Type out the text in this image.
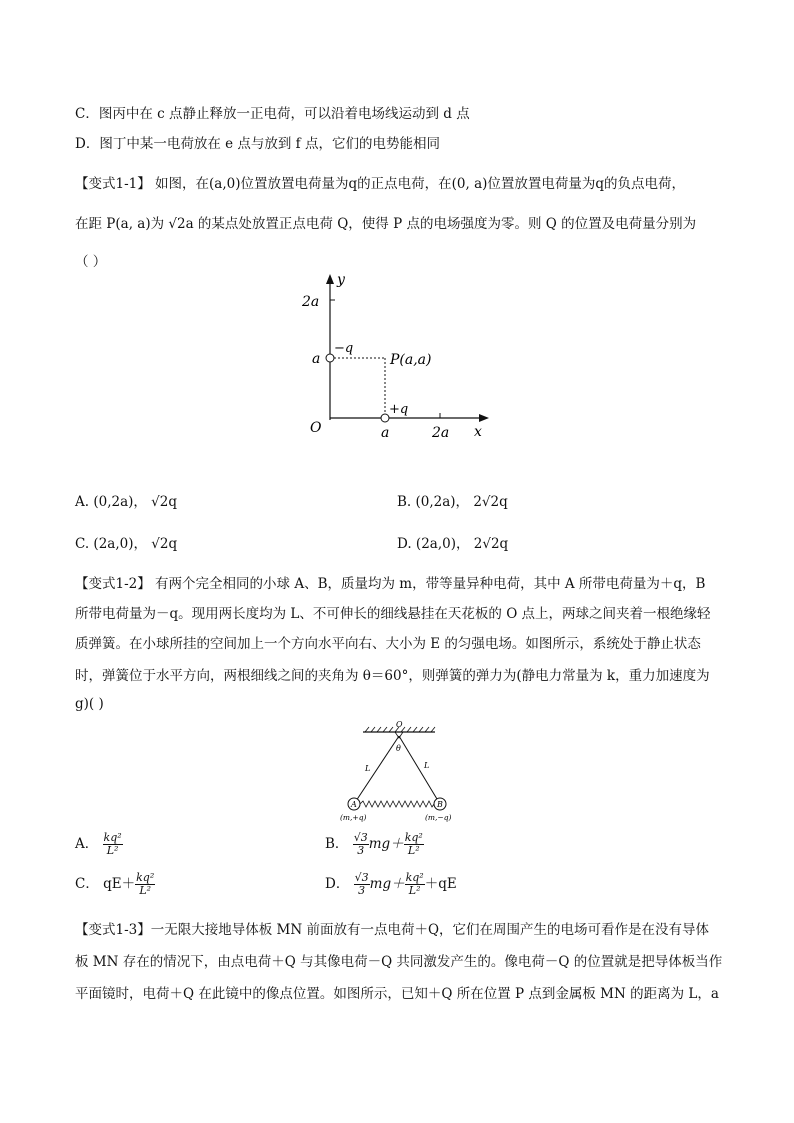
C．图丙中在 c 点静止释放一正电荷，可以沿着电场线运动到 d 点
D．图丁中某一电荷放在 e 点与放到 f 点，它们的电势能相同
【变式1-1】 如图，在(a,0)位置放置电荷量为q的正点电荷，在(0, a)位置放置电荷量为q的负点电荷，
在距 P(a, a)为 √2a 的某点处放置正点电荷 Q，使得 P 点的电场强度为零。则 Q 的位置及电荷量分别为
（ ）
y
x
O
2a
a
a	2a
−q
+q
P(a,a)
A. (0,2a)， √2q	B. (0,2a)， 2√2q
C. (2a,0)， √2q	D. (2a,0)， 2√2q
【变式1-2】 有两个完全相同的小球 A、B，质量均为 m，带等量异种电荷，其中 A 所带电荷量为＋q，B
所带电荷量为－q。现用两长度均为 L、不可伸长的细线悬挂在天花板的 O 点上，两球之间夹着一根绝缘轻
质弹簧。在小球所挂的空间加上一个方向水平向右、大小为 E 的匀强电场。如图所示，系统处于静止状态
时，弹簧位于水平方向，两根细线之间的夹角为 θ＝60°，则弹簧的弹力为(静电力常量为 k，重力加速度为
g)( )
O
θ
L	L
A	B
(m,+q)	(m,−q)
A． $\frac{\text{kq²}}{\text{L²}}$	B． $\frac{√3}{3} mg+ \frac{\text{kq²}}{\text{L²}}$
C． $qE+ \frac{\text{kq²}}{\text{L²}}$	D． $\frac{√3}{3} mg+ \frac{\text{kq²}}{\text{L²}} +qE$
【变式1-3】一无限大接地导体板 MN 前面放有一点电荷＋Q，它们在周围产生的电场可看作是在没有导体
板 MN 存在的情况下，由点电荷＋Q 与其像电荷－Q 共同激发产生的。像电荷－Q 的位置就是把导体板当作
平面镜时，电荷＋Q 在此镜中的像点位置。如图所示，已知＋Q 所在位置 P 点到金属板 MN 的距离为 L，a
